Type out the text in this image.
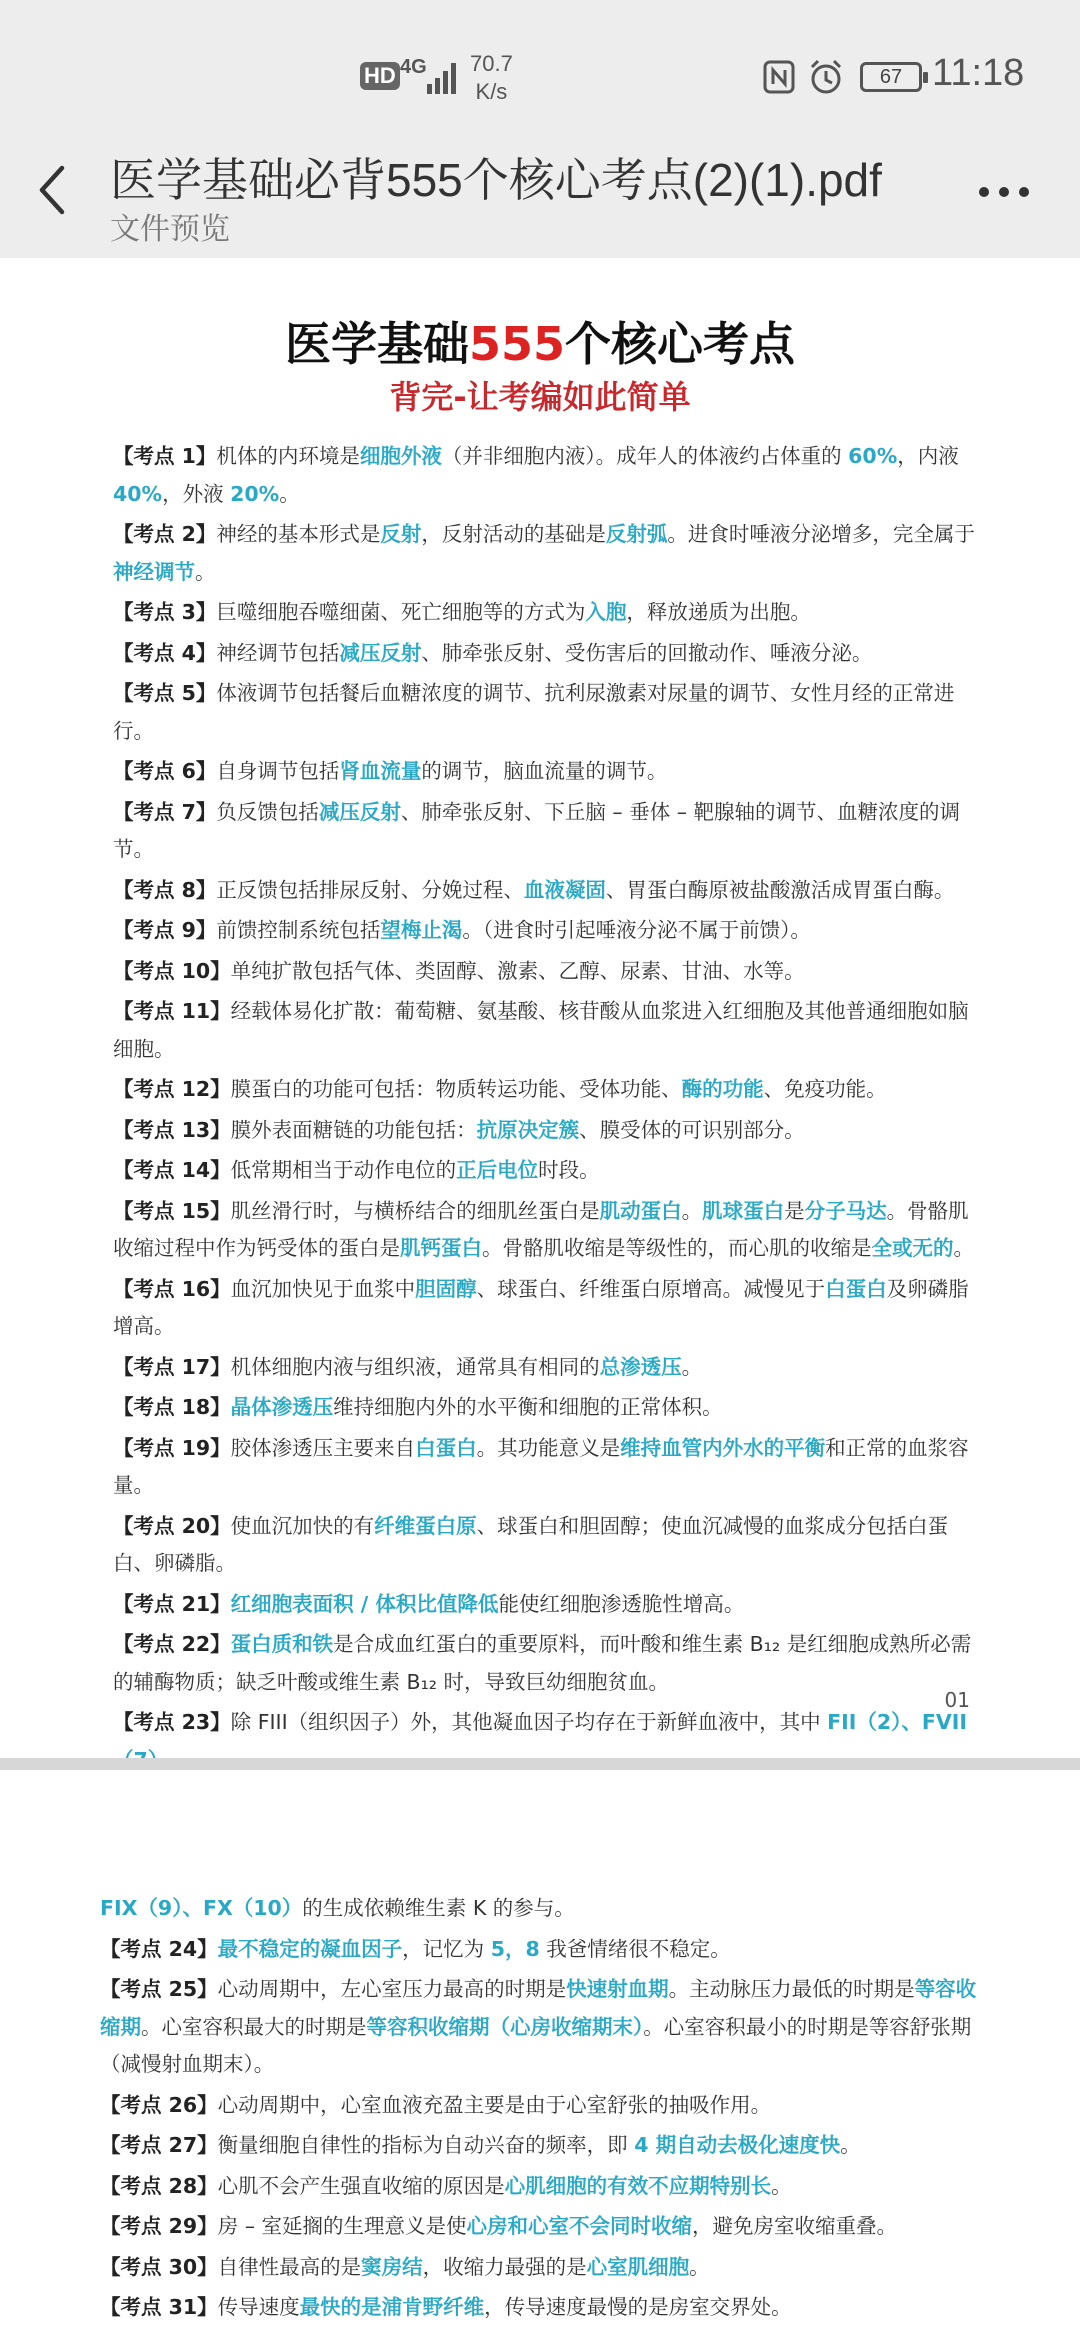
HD 4G 70.7
K/s
67 11:18
医学基础必背555个核心考点(2)(1).pdf
文件预览
医学基础555个核心考点
背完-让考编如此简单
【考点 1】机体的内环境是细胞外液（并非细胞内液）。成年人的体液约占体重的 60%，内液 40%，外液 20%。
【考点 2】神经的基本形式是反射，反射活动的基础是反射弧。进食时唾液分泌增多，完全属于神经调节。
【考点 3】巨噬细胞吞噬细菌、死亡细胞等的方式为入胞，释放递质为出胞。
【考点 4】神经调节包括减压反射、肺牵张反射、受伤害后的回撤动作、唾液分泌。
【考点 5】体液调节包括餐后血糖浓度的调节、抗利尿激素对尿量的调节、女性月经的正常进行。
【考点 6】自身调节包括肾血流量的调节，脑血流量的调节。
【考点 7】负反馈包括减压反射、肺牵张反射、下丘脑 – 垂体 – 靶腺轴的调节、血糖浓度的调节。
【考点 8】正反馈包括排尿反射、分娩过程、血液凝固、胃蛋白酶原被盐酸激活成胃蛋白酶。
【考点 9】前馈控制系统包括望梅止渴。（进食时引起唾液分泌不属于前馈）。
【考点 10】单纯扩散包括气体、类固醇、激素、乙醇、尿素、甘油、水等。
【考点 11】经载体易化扩散：葡萄糖、氨基酸、核苷酸从血浆进入红细胞及其他普通细胞如脑细胞。
【考点 12】膜蛋白的功能可包括：物质转运功能、受体功能、酶的功能、免疫功能。
【考点 13】膜外表面糖链的功能包括：抗原决定簇、膜受体的可识别部分。
【考点 14】低常期相当于动作电位的正后电位时段。
【考点 15】肌丝滑行时，与横桥结合的细肌丝蛋白是肌动蛋白。肌球蛋白是分子马达。骨骼肌收缩过程中作为钙受体的蛋白是肌钙蛋白。骨骼肌收缩是等级性的，而心肌的收缩是全或无的。
【考点 16】血沉加快见于血浆中胆固醇、球蛋白、纤维蛋白原增高。减慢见于白蛋白及卵磷脂增高。
【考点 17】机体细胞内液与组织液，通常具有相同的总渗透压。
【考点 18】晶体渗透压维持细胞内外的水平衡和细胞的正常体积。
【考点 19】胶体渗透压主要来自白蛋白。其功能意义是维持血管内外水的平衡和正常的血浆容量。
【考点 20】使血沉加快的有纤维蛋白原、球蛋白和胆固醇；使血沉减慢的血浆成分包括白蛋白、卵磷脂。
【考点 21】红细胞表面积 / 体积比值降低能使红细胞渗透脆性增高。
【考点 22】蛋白质和铁是合成血红蛋白的重要原料，而叶酸和维生素 B₁₂ 是红细胞成熟所必需的辅酶物质；缺乏叶酸或维生素 B₁₂ 时，导致巨幼细胞贫血。
【考点 23】除 FIII（组织因子）外，其他凝血因子均存在于新鲜血液中，其中 FII（2）、FVII
01
FIX（9）、FX（10）的生成依赖维生素 K 的参与。
【考点 24】最不稳定的凝血因子，记忆为 5，8 我爸情绪很不稳定。
【考点 25】心动周期中，左心室压力最高的时期是快速射血期。主动脉压力最低的时期是等容收缩期。心室容积最大的时期是等容积收缩期（心房收缩期末）。心室容积最小的时期是等容舒张期（减慢射血期末）。
【考点 26】心动周期中，心室血液充盈主要是由于心室舒张的抽吸作用。
【考点 27】衡量细胞自律性的指标为自动兴奋的频率，即 4 期自动去极化速度快。
【考点 28】心肌不会产生强直收缩的原因是心肌细胞的有效不应期特别长。
【考点 29】房 – 室延搁的生理意义是使心房和心室不会同时收缩，避免房室收缩重叠。
【考点 30】自律性最高的是窦房结，收缩力最强的是心室肌细胞。
【考点 31】传导速度最快的是浦肯野纤维，传导速度最慢的是房室交界处。
